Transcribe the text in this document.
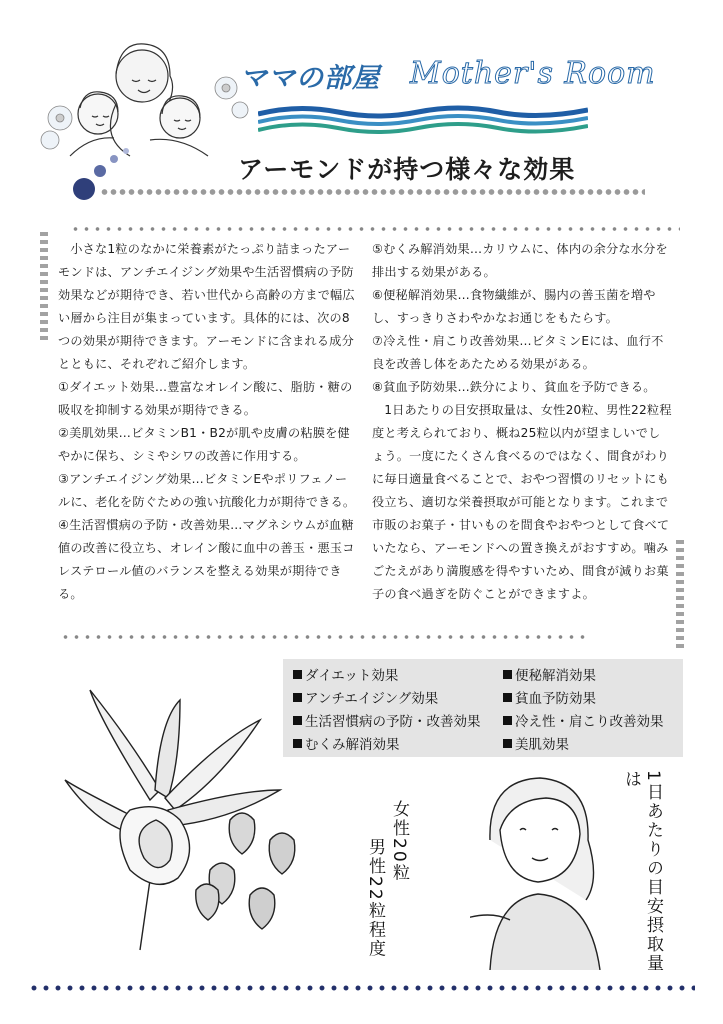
ママの部屋 Mother's Room
アーモンドが持つ様々な効果

小さな1粒のなかに栄養素がたっぷり詰まったアーモンドは、アンチエイジング効果や生活習慣病の予防効果などが期待でき、若い世代から高齢の方まで幅広い層から注目が集まっています。具体的には、次の8つの効果が期待できます。アーモンドに含まれる成分とともに、それぞれご紹介します。

①ダイエット効果…豊富なオレイン酸に、脂肪・糖の吸収を抑制する効果が期待できる。

②美肌効果…ビタミンB1・B2が肌や皮膚の粘膜を健やかに保ち、シミやシワの改善に作用する。

③アンチエイジング効果…ビタミンEやポリフェノールに、老化を防ぐための強い抗酸化力が期待できる。

④生活習慣病の予防・改善効果…マグネシウムが血糖値の改善に役立ち、オレイン酸に血中の善玉・悪玉コレステロール値のバランスを整える効果が期待できる。

⑤むくみ解消効果…カリウムに、体内の余分な水分を排出する効果がある。

⑥便秘解消効果…食物繊維が、腸内の善玉菌を増やし、すっきりさわやかなお通じをもたらす。

⑦冷え性・肩こり改善効果…ビタミンEには、血行不良を改善し体をあたためる効果がある。

⑧貧血予防効果…鉄分により、貧血を予防できる。

1日あたりの目安摂取量は、女性20粒、男性22粒程度と考えられており、概ね25粒以内が望ましいでしょう。一度にたくさん食べるのではなく、間食がわりに毎日適量食べることで、おやつ習慣のリセットにも役立ち、適切な栄養摂取が可能となります。これまで市販のお菓子・甘いものを間食やおやつとして食べていたなら、アーモンドへの置き換えがおすすめ。噛みごたえがあり満腹感を得やすいため、間食が減りお菓子の食べ過ぎを防ぐことができますよ。

ダイエット効果
アンチエイジング効果
生活習慣病の予防・改善効果
むくみ解消効果
便秘解消効果
貧血予防効果
冷え性・肩こり改善効果
美肌効果
女性20粒
男性22粒程度	1日あたりの目安摂取量は
